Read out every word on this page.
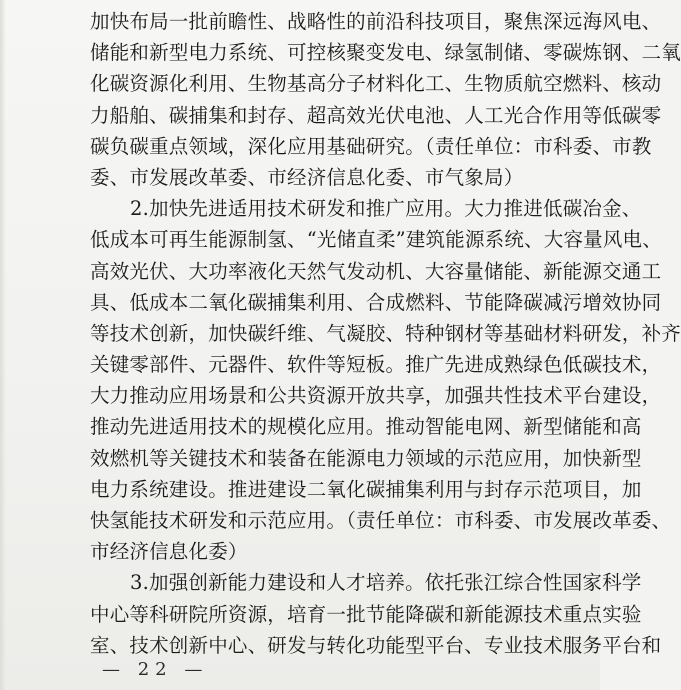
加快布局一批前瞻性、战略性的前沿科技项目，聚焦深远海风电、
储能和新型电力系统、可控核聚变发电、绿氢制储、零碳炼钢、二氧
化碳资源化利用、生物基高分子材料化工、生物质航空燃料、核动
力船舶、碳捕集和封存、超高效光伏电池、人工光合作用等低碳零
碳负碳重点领域，深化应用基础研究。（责任单位：市科委、市教
委、市发展改革委、市经济信息化委、市气象局）
2.加快先进适用技术研发和推广应用。大力推进低碳冶金、
低成本可再生能源制氢、“光储直柔”建筑能源系统、大容量风电、
高效光伏、大功率液化天然气发动机、大容量储能、新能源交通工
具、低成本二氧化碳捕集利用、合成燃料、节能降碳减污增效协同
等技术创新，加快碳纤维、气凝胶、特种钢材等基础材料研发，补齐
关键零部件、元器件、软件等短板。推广先进成熟绿色低碳技术，
大力推动应用场景和公共资源开放共享，加强共性技术平台建设，
推动先进适用技术的规模化应用。推动智能电网、新型储能和高
效燃机等关键技术和装备在能源电力领域的示范应用，加快新型
电力系统建设。推进建设二氧化碳捕集利用与封存示范项目，加
快氢能技术研发和示范应用。（责任单位：市科委、市发展改革委、
市经济信息化委）
3.加强创新能力建设和人才培养。依托张江综合性国家科学
中心等科研院所资源，培育一批节能降碳和新能源技术重点实验
室、技术创新中心、研发与转化功能型平台、专业技术服务平台和
— 22 —
